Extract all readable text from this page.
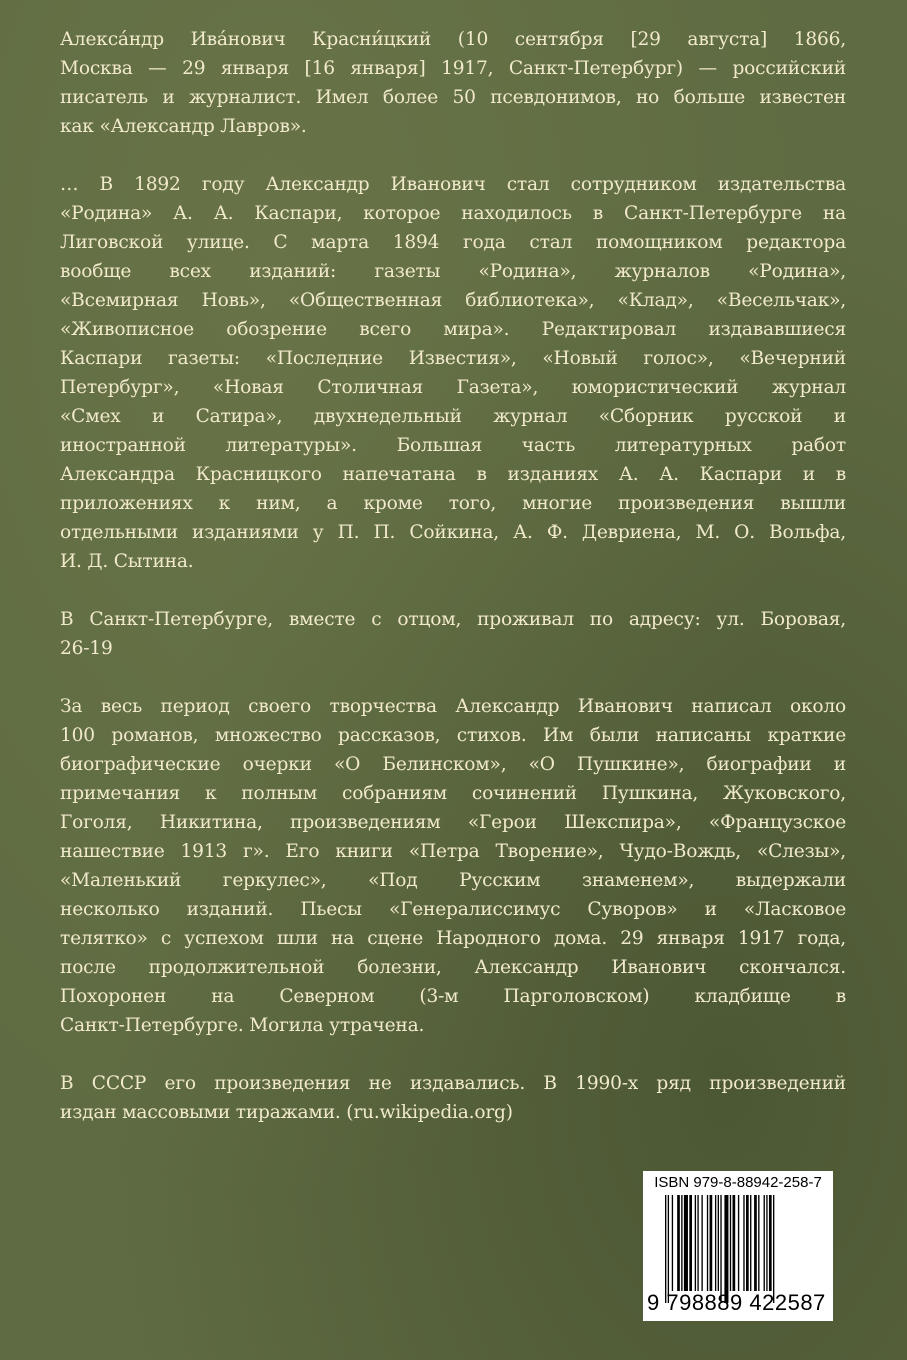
Алекса́ндр Ива́нович Красни́цкий (10 сентября [29 августа] 1866,
Москва — 29 января [16 января] 1917, Санкт-Петербург) — российский
писатель и журналист. Имел более 50 псевдонимов, но больше известен
как «Александр Лавров».
… В 1892 году Александр Иванович стал сотрудником издательства
«Родина» А. А. Каспари, которое находилось в Санкт-Петербурге на
Лиговской улице. С марта 1894 года стал помощником редактора
вообще всех изданий: газеты «Родина», журналов «Родина»,
«Всемирная Новь», «Общественная библиотека», «Клад», «Весельчак»,
«Живописное обозрение всего мира». Редактировал издававшиеся
Каспари газеты: «Последние Известия», «Новый голос», «Вечерний
Петербург», «Новая Столичная Газета», юмористический журнал
«Смех и Сатира», двухнедельный журнал «Сборник русской и
иностранной литературы». Большая часть литературных работ
Александра Красницкого напечатана в изданиях А. А. Каспари и в
приложениях к ним, а кроме того, многие произведения вышли
отдельными изданиями у П. П. Сойкина, А. Ф. Девриена, М. О. Вольфа,
И. Д. Сытина.
В Санкт-Петербурге, вместе с отцом, проживал по адресу: ул. Боровая,
26-19
За весь период своего творчества Александр Иванович написал около
100 романов, множество рассказов, стихов. Им были написаны краткие
биографические очерки «О Белинском», «О Пушкине», биографии и
примечания к полным собраниям сочинений Пушкина, Жуковского,
Гоголя, Никитина, произведениям «Герои Шекспира», «Французское
нашествие 1913 г». Его книги «Петра Творение», Чудо-Вождь, «Слезы»,
«Маленький геркулес», «Под Русским знаменем», выдержали
несколько изданий. Пьесы «Генералиссимус Суворов» и «Ласковое
телятко» с успехом шли на сцене Народного дома. 29 января 1917 года,
после продолжительной болезни, Александр Иванович скончался.
Похоронен на Северном (3-м Парголовском) кладбище в
Санкт-Петербурге. Могила утрачена.
В СССР его произведения не издавались. В 1990-х ряд произведений
издан массовыми тиражами. (ru.wikipedia.org)
ISBN 979-8-88942-258-7
9 798889 422587
